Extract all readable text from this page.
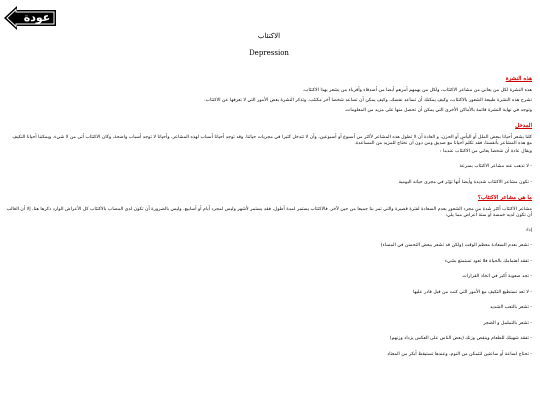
عودة
الاكتئاب
Depression
هذه النشرة

هذه النشرة لكل من يعاني من مشاعر الاكتئاب، ولكل من يهمهم أمرهم أيضا من أصدقاء وأقرباء من يشعر بهذا الاكتئاب.

تشرح هذه النشرة طبيعة الشعور بالاكتئاب، وكيف يمكنك أن تساعد نفسك، وكيف يمكن أن تساعد شخصا آخر مكتئب. وتذكر النشرة بعض الأمور التي لا تعرفها عن الاكتئاب.

وتوجد في نهاية النشرة قائمة بالأماكن الأخرى التي يمكن أن تحصل منها على مزيد من المعلومات.

المدخل

كلنا يشعر أحيانا ببعض الملل أو اليأس أو الحزن، و العادة أن لا تطول هذه المشاعر لأكثر من أسبوع أو أسبوعين، وأن لا تتدخل كثيرا في مجريات حياتنا. وقد توجد أحيانا أسباب لهذه المشاعر، وأحيانا لا توجد أسباب واضحة، وكان الاكتئاب أتى من لا شيء. ويمكننا أحيانا التكيف مع هذه المشاعر بأنفسنا، فقد تكلم أحيانا مع صديق ومن دون أن نحتاج للمزيد من المساعدة.

ويقال عادة أن شخصا يعاني من الاكتئاب عندما :

- لا تذهب عنه مشاعر الاكتئاب بسرعة
- تكون مشاعر الاكتئاب شديدة وأيضا أنها تؤثر في مجرى حياته اليومية
ما هي مشاعر الاكتئاب؟

مشاعر الاكتئاب أكثر شدة من مجرد الشعور بعدم السعادة لفترة قصيرة والتي تمر بنا جميعا من حين لآخر. فالاكتئاب يستمر لمدة أطول، فقد يستمر لأشهر وليس لمجرد أيام أو أسابيع. وليس بالضرورة أن تكون لدى المصاب بالاكتئاب كل الأعراض الوارد ذكرها هنا، إلا أن الغالب أن تكون لديه خمسة أو ستة أعراض مما يلي:

إذا:

- تشعر بعدم السعادة معظم الوقت (ولكن قد تشعر ببعض التحسن في المساء)
- تفقد اهتمامك بالحياة فلا تعود تستمتع بشيء
- تجد صعوبة أكبر في اتخاذ القرارات
- لا تعد تستطيع التكيف مع الأمور التي كنت من قبل قادر عليها
- تشعر بالتعب الشديد
- تشعر بالتململ و الضجر
- تفقد شهيتك للطعام وينقص وزنك (بعض الناس على العكس يزداد وزنهم)
- تحتاج لساعة أو ساعتين لتتمكن من النوم، وعندها تستيقظ أبكر من المعتاد
